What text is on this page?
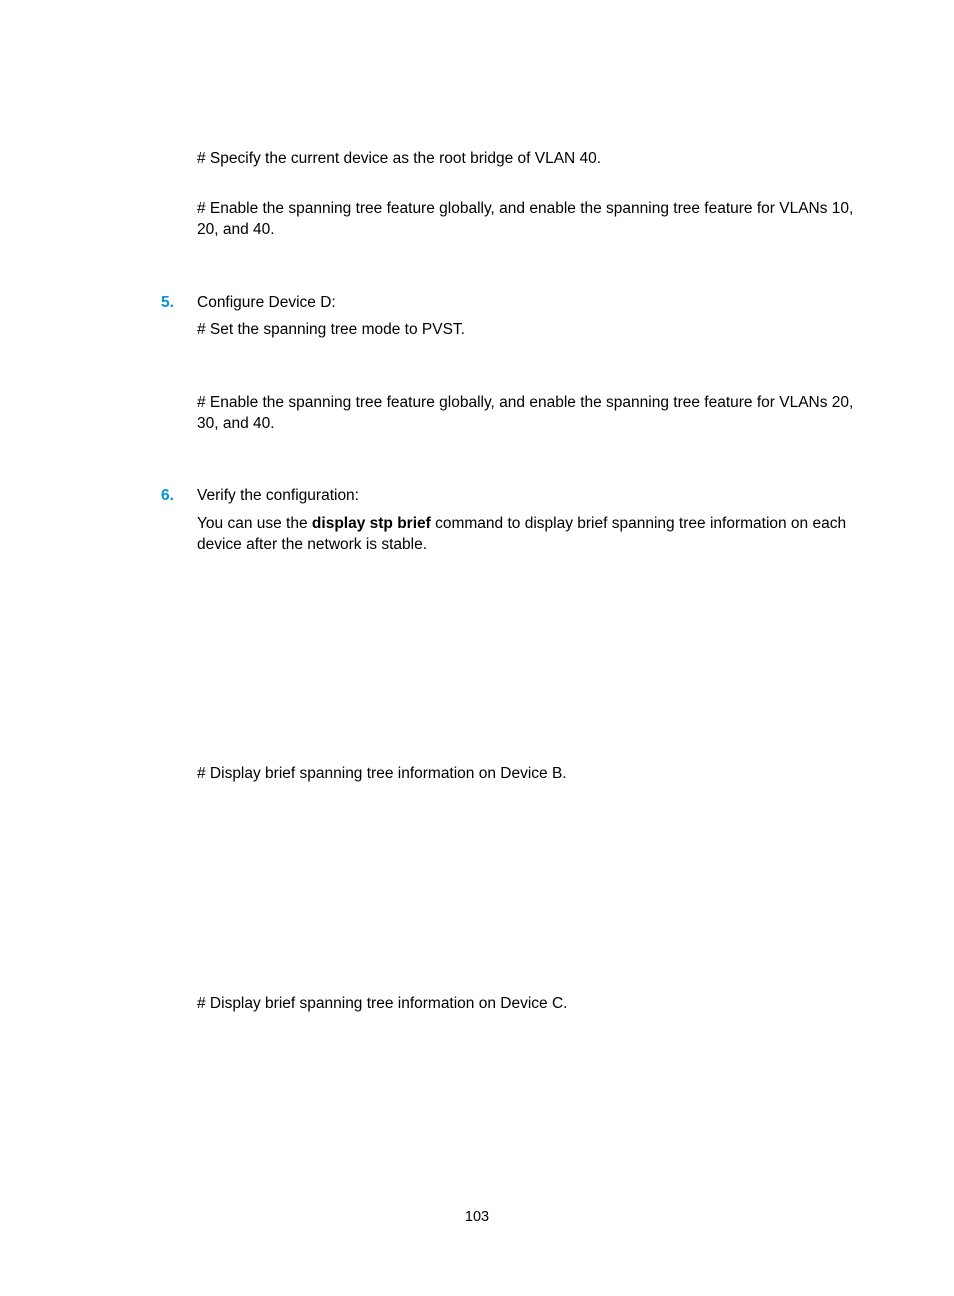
# Specify the current device as the root bridge of VLAN 40.

# Enable the spanning tree feature globally, and enable the spanning tree feature for VLANs 10, 20, and 40.

5. Configure Device D:

# Set the spanning tree mode to PVST.

# Enable the spanning tree feature globally, and enable the spanning tree feature for VLANs 20, 30, and 40.

6. Verify the configuration:

You can use the display stp brief command to display brief spanning tree information on each device after the network is stable.

# Display brief spanning tree information on Device B.

# Display brief spanning tree information on Device C.

103
